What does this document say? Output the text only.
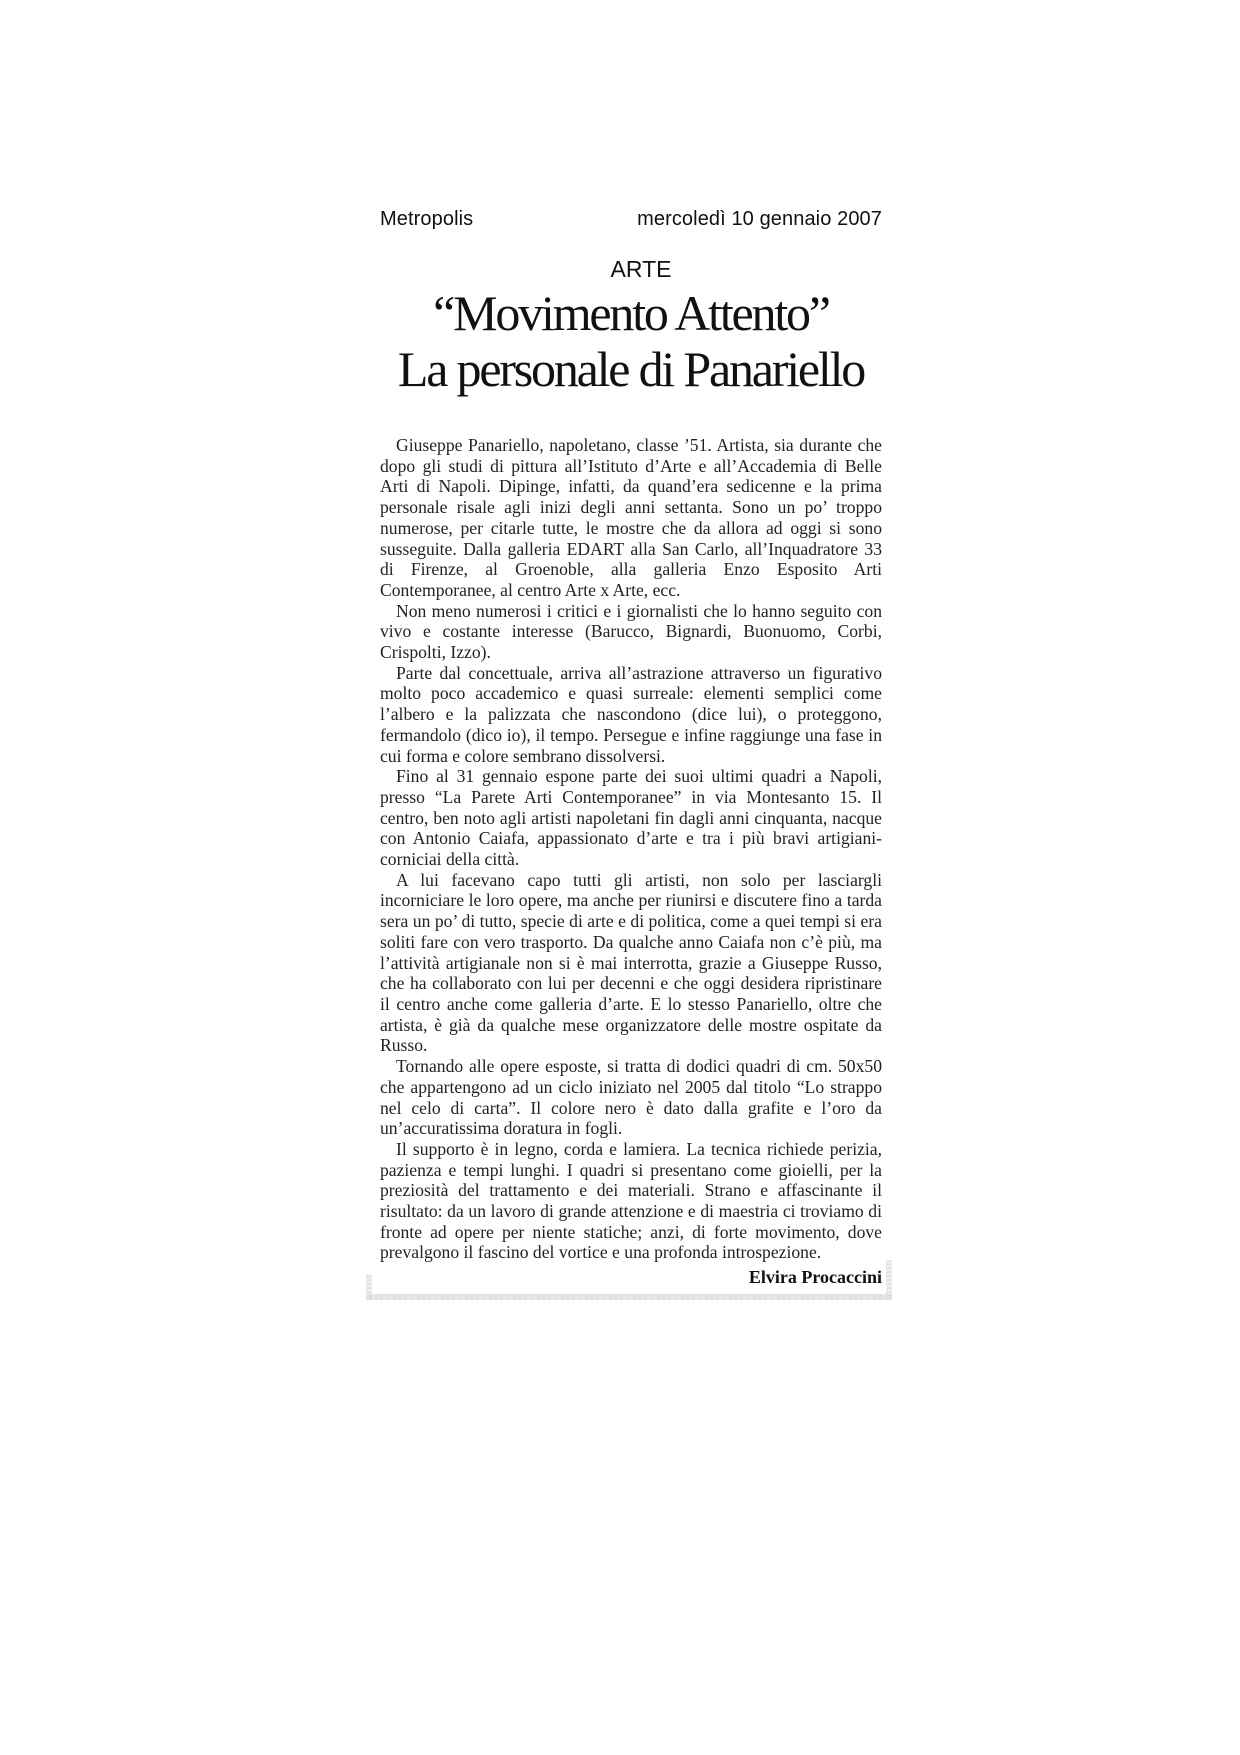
Metropolis	mercoledì 10 gennaio 2007
ARTE
“Movimento Attento”
La personale di Panariello

Giuseppe Panariello, napoletano, classe ’51. Artista, sia durante che dopo gli studi di pittura all’Istituto d’Arte e all’Accademia di Belle Arti di Napoli. Dipinge, infatti, da quand’era sedicenne e la prima personale risale agli inizi degli anni settanta. Sono un po’ troppo numerose, per citarle tutte, le mostre che da allora ad oggi si sono susseguite. Dalla galleria EDART alla San Carlo, all’Inquadratore 33 di Firenze, al Groenoble, alla galleria Enzo Esposito Arti Contemporanee, al centro Arte x Arte, ecc.

Non meno numerosi i critici e i giornalisti che lo hanno seguito con vivo e costante interesse (Barucco, Bignardi, Buonuomo, Corbi, Crispolti, Izzo).

Parte dal concettuale, arriva all’astrazione attraverso un figurativo molto poco accademico e quasi surreale: elementi semplici come l’albero e la palizzata che nascondono (dice lui), o proteggono, fermandolo (dico io), il tempo. Persegue e infine raggiunge una fase in cui forma e colore sembrano dissolversi.

Fino al 31 gennaio espone parte dei suoi ultimi quadri a Napoli, presso “La Parete Arti Contemporanee” in via Montesanto 15. Il centro, ben noto agli artisti napoletani fin dagli anni cinquanta, nacque con Antonio Caiafa, appassionato d’arte e tra i più bravi artigiani-corniciai della città.

A lui facevano capo tutti gli artisti, non solo per lasciargli incorniciare le loro opere, ma anche per riunirsi e discutere fino a tarda sera un po’ di tutto, specie di arte e di politica, come a quei tempi si era soliti fare con vero trasporto. Da qualche anno Caiafa non c’è più, ma l’attività artigianale non si è mai interrotta, grazie a Giuseppe Russo, che ha collaborato con lui per decenni e che oggi desidera ripristinare il centro anche come galleria d’arte. E lo stesso Panariello, oltre che artista, è già da qualche mese organizzatore delle mostre ospitate da Russo.

Tornando alle opere esposte, si tratta di dodici quadri di cm. 50x50 che appartengono ad un ciclo iniziato nel 2005 dal titolo “Lo strappo nel celo di carta”. Il colore nero è dato dalla grafite e l’oro da un’accuratissima doratura in fogli.

Il supporto è in legno, corda e lamiera. La tecnica richiede perizia, pazienza e tempi lunghi. I quadri si presentano come gioielli, per la preziosità del trattamento e dei materiali. Strano e affascinante il risultato: da un lavoro di grande attenzione e di maestria ci troviamo di fronte ad opere per niente statiche; anzi, di forte movimento, dove prevalgono il fascino del vortice e una profonda introspezione.

Elvira Procaccini
